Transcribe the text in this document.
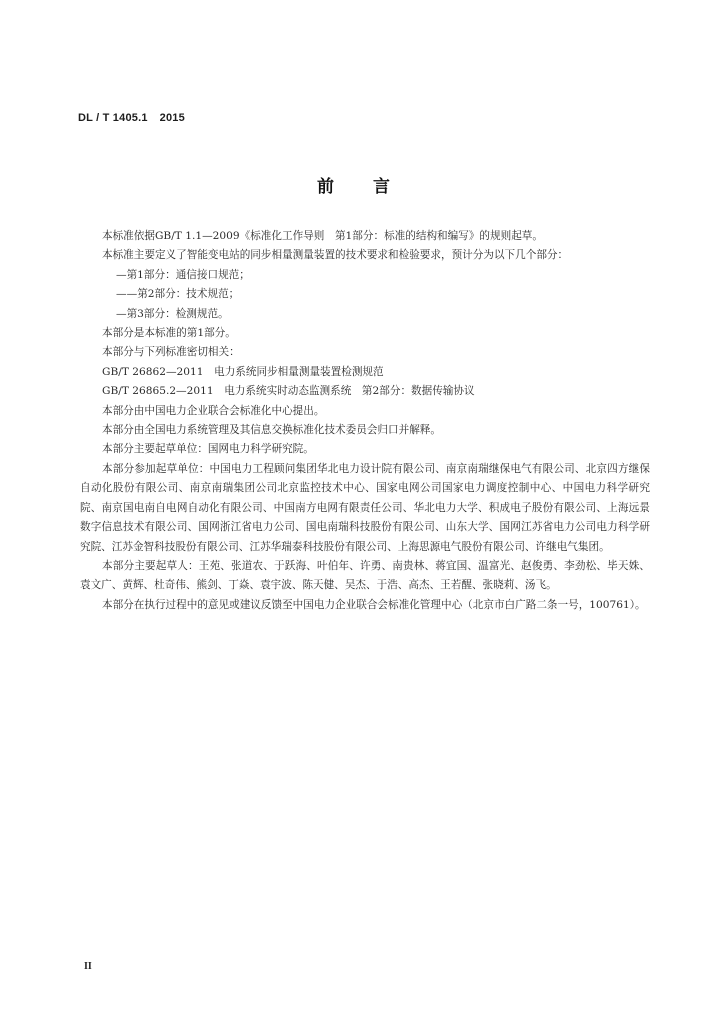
DL / T 1405.1 2015
前 言

本标准依据GB/T 1.1—2009《标准化工作导则　第1部分：标准的结构和编写》的规则起草。

本标准主要定义了智能变电站的同步相量测量装置的技术要求和检验要求，预计分为以下几个部分：

—第1部分：通信接口规范；

——第2部分：技术规范；

—第3部分：检测规范。

本部分是本标准的第1部分。

本部分与下列标准密切相关：

GB/T 26862—2011　电力系统同步相量测量装置检测规范

GB/T 26865.2—2011　电力系统实时动态监测系统　第2部分：数据传输协议

本部分由中国电力企业联合会标准化中心提出。

本部分由全国电力系统管理及其信息交换标准化技术委员会归口并解释。

本部分主要起草单位：国网电力科学研究院。

本部分参加起草单位：中国电力工程顾问集团华北电力设计院有限公司、南京南瑞继保电气有限公司、北京四方继保自动化股份有限公司、南京南瑞集团公司北京监控技术中心、国家电网公司国家电力调度控制中心、中国电力科学研究院、南京国电南自电网自动化有限公司、中国南方电网有限责任公司、华北电力大学、积成电子股份有限公司、上海远景数字信息技术有限公司、国网浙江省电力公司、国电南瑞科技股份有限公司、山东大学、国网江苏省电力公司电力科学研究院、江苏金智科技股份有限公司、江苏华瑞泰科技股份有限公司、上海思源电气股份有限公司、许继电气集团。

本部分主要起草人：王苑、张道农、于跃海、叶伯年、许勇、南贵林、蒋宜国、温富光、赵俊勇、李劲松、毕天姝、袁文广、黄辉、杜奇伟、熊剑、丁焱、袁宇波、陈天健、吴杰、于浩、高杰、王若醒、张晓莉、汤飞。

本部分在执行过程中的意见或建议反馈至中国电力企业联合会标准化管理中心（北京市白广路二条一号，100761）。

II
